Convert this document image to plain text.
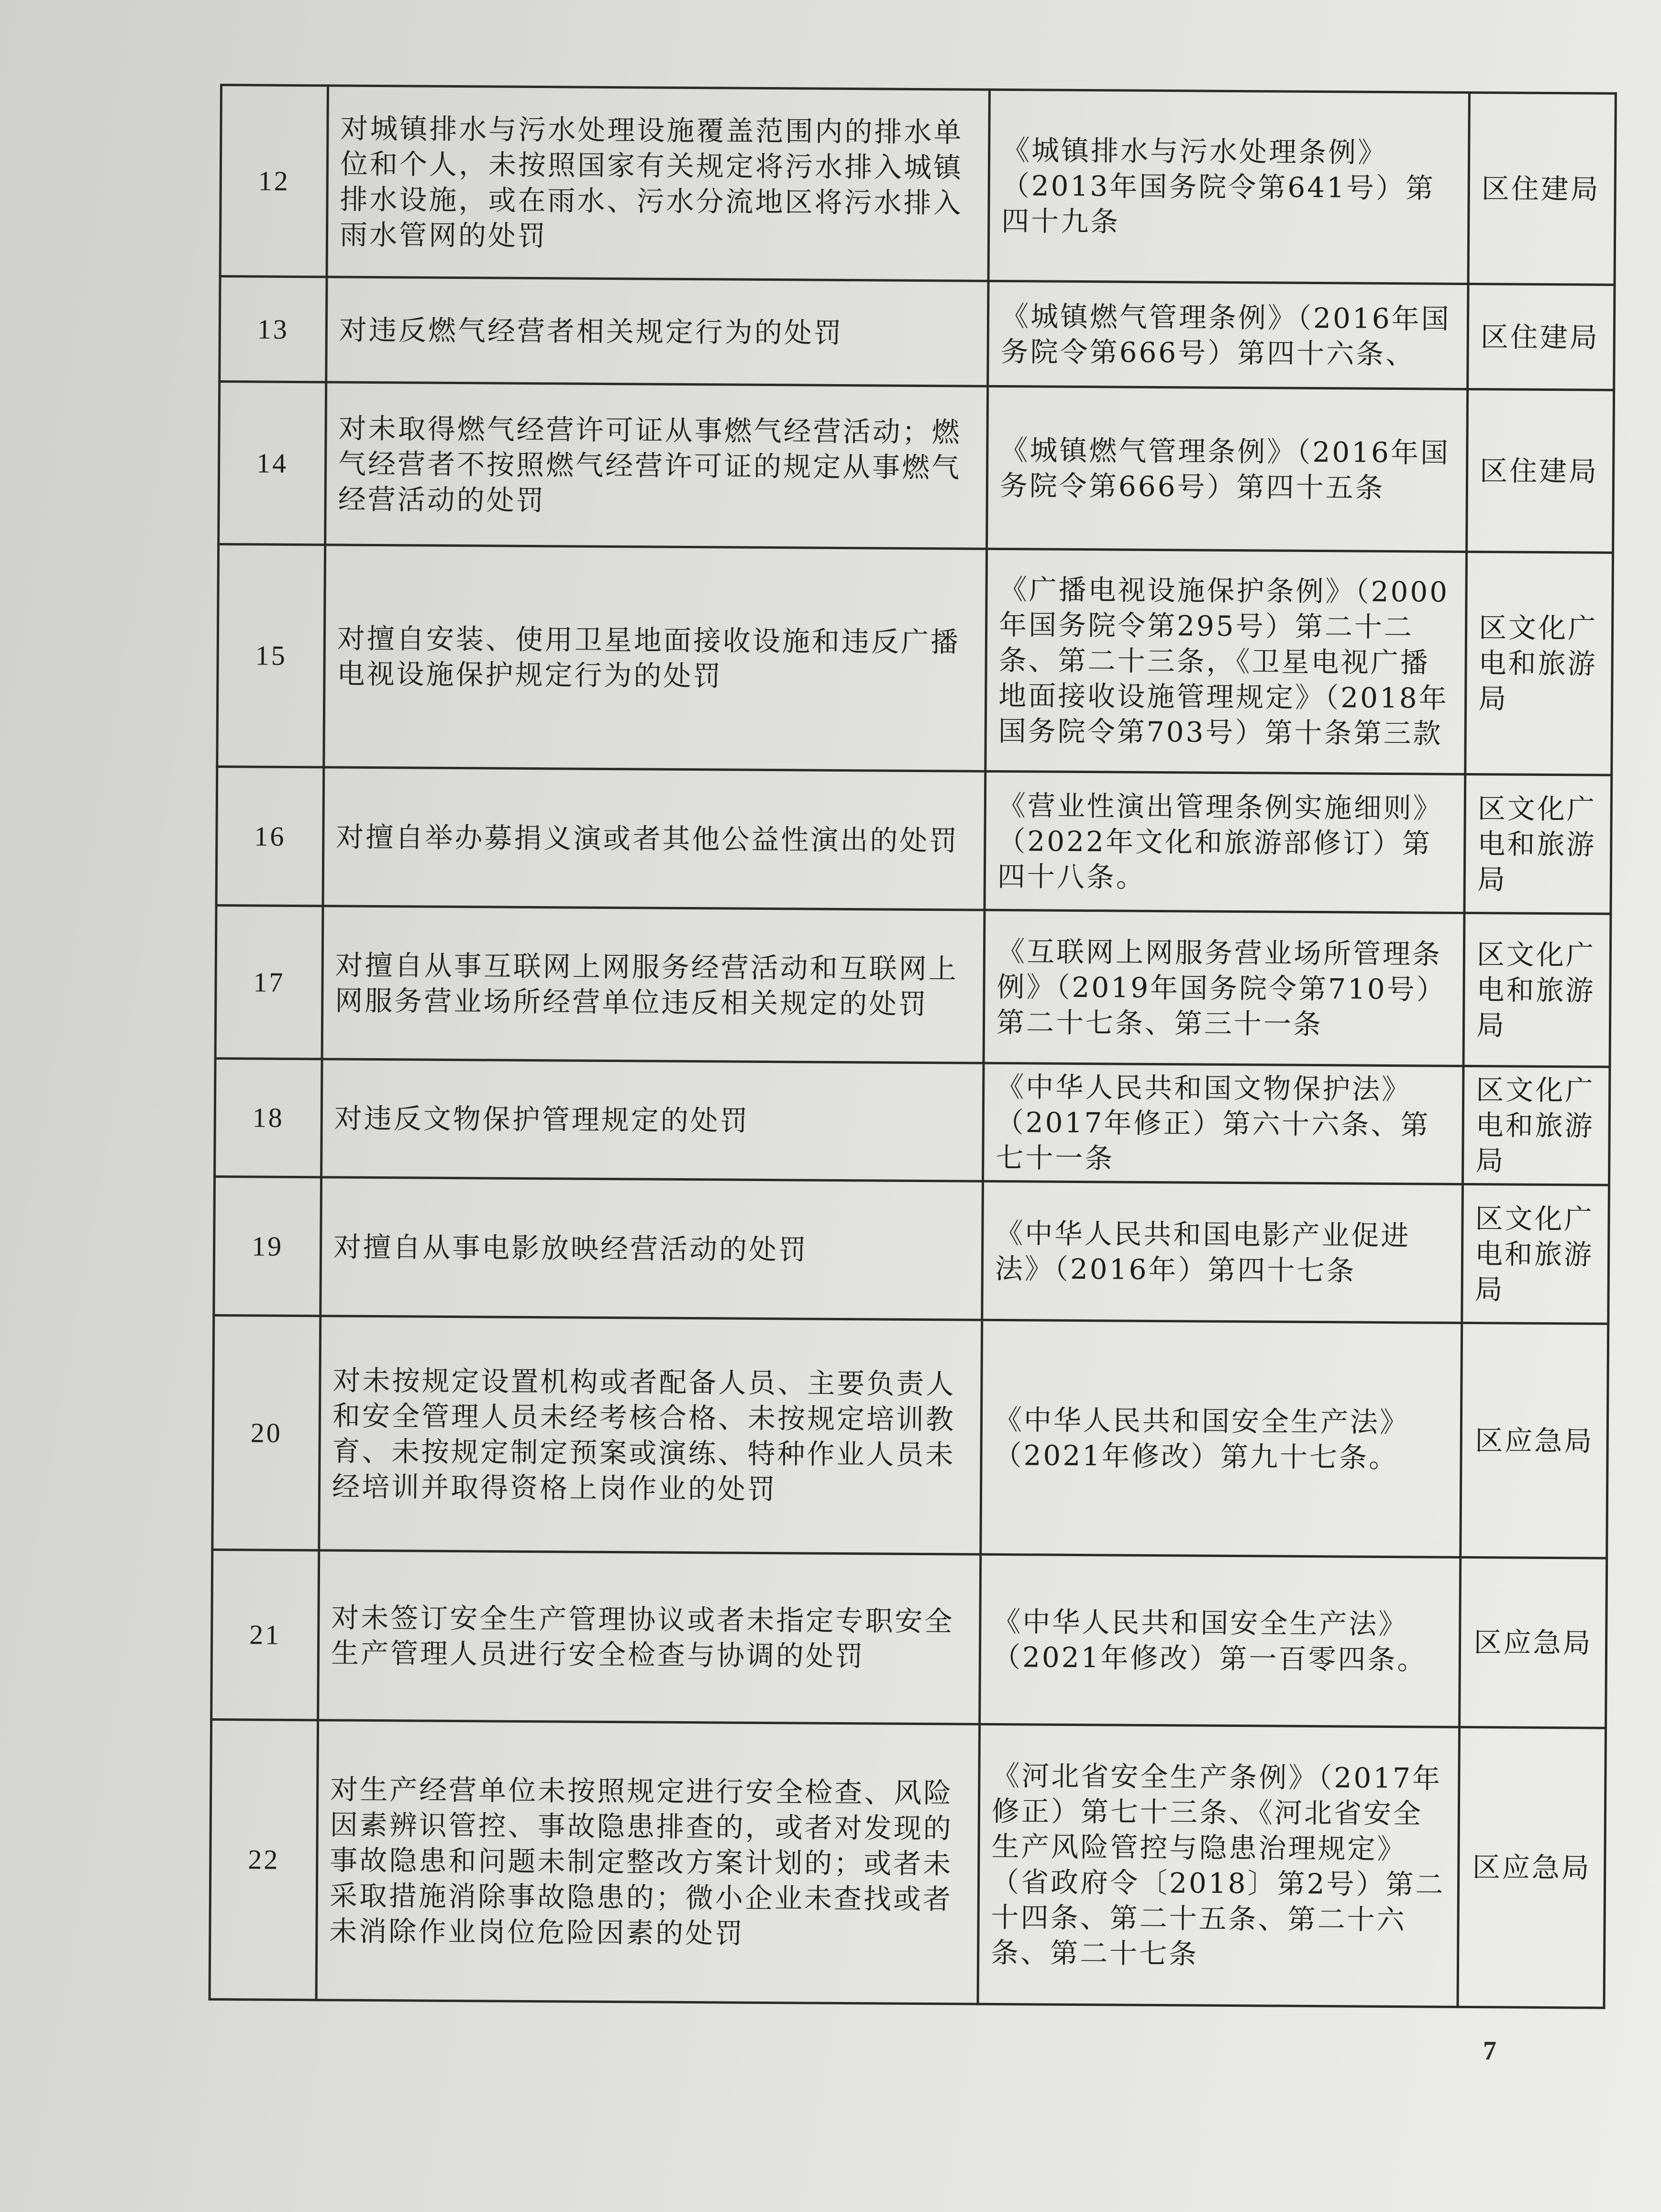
12	对城镇排水与污水处理设施覆盖范围内的排水单位和个人，未按照国家有关规定将污水排入城镇排水设施，或在雨水、污水分流地区将污水排入雨水管网的处罚	《城镇排水与污水处理条例》（2013年国务院令第641号）第四十九条	区住建局
13	对违反燃气经营者相关规定行为的处罚	《城镇燃气管理条例》（2016年国务院令第666号）第四十六条、	区住建局
14	对未取得燃气经营许可证从事燃气经营活动；燃气经营者不按照燃气经营许可证的规定从事燃气经营活动的处罚	《城镇燃气管理条例》（2016年国务院令第666号）第四十五条	区住建局
15	对擅自安装、使用卫星地面接收设施和违反广播电视设施保护规定行为的处罚	《广播电视设施保护条例》（2000年国务院令第295号）第二十二条、第二十三条，《卫星电视广播地面接收设施管理规定》（2018年国务院令第703号）第十条第三款	区文化广电和旅游局
16	对擅自举办募捐义演或者其他公益性演出的处罚	《营业性演出管理条例实施细则》（2022年文化和旅游部修订）第四十八条。	区文化广电和旅游局
17	对擅自从事互联网上网服务经营活动和互联网上网服务营业场所经营单位违反相关规定的处罚	《互联网上网服务营业场所管理条例》（2019年国务院令第710号）第二十七条、第三十一条	区文化广电和旅游局
18	对违反文物保护管理规定的处罚	《中华人民共和国文物保护法》（2017年修正）第六十六条、第七十一条	区文化广电和旅游局
19	对擅自从事电影放映经营活动的处罚	《中华人民共和国电影产业促进法》（2016年）第四十七条	区文化广电和旅游局
20	对未按规定设置机构或者配备人员、主要负责人和安全管理人员未经考核合格、未按规定培训教育、未按规定制定预案或演练、特种作业人员未经培训并取得资格上岗作业的处罚	《中华人民共和国安全生产法》（2021年修改）第九十七条。	区应急局
21	对未签订安全生产管理协议或者未指定专职安全生产管理人员进行安全检查与协调的处罚	《中华人民共和国安全生产法》（2021年修改）第一百零四条。	区应急局
22	对生产经营单位未按照规定进行安全检查、风险因素辨识管控、事故隐患排查的，或者对发现的事故隐患和问题未制定整改方案计划的；或者未采取措施消除事故隐患的；微小企业未查找或者未消除作业岗位危险因素的处罚	《河北省安全生产条例》（2017年修正）第七十三条、《河北省安全生产风险管控与隐患治理规定》（省政府令〔2018〕第2号）第二十四条、第二十五条、第二十六条、第二十七条	区应急局
7
